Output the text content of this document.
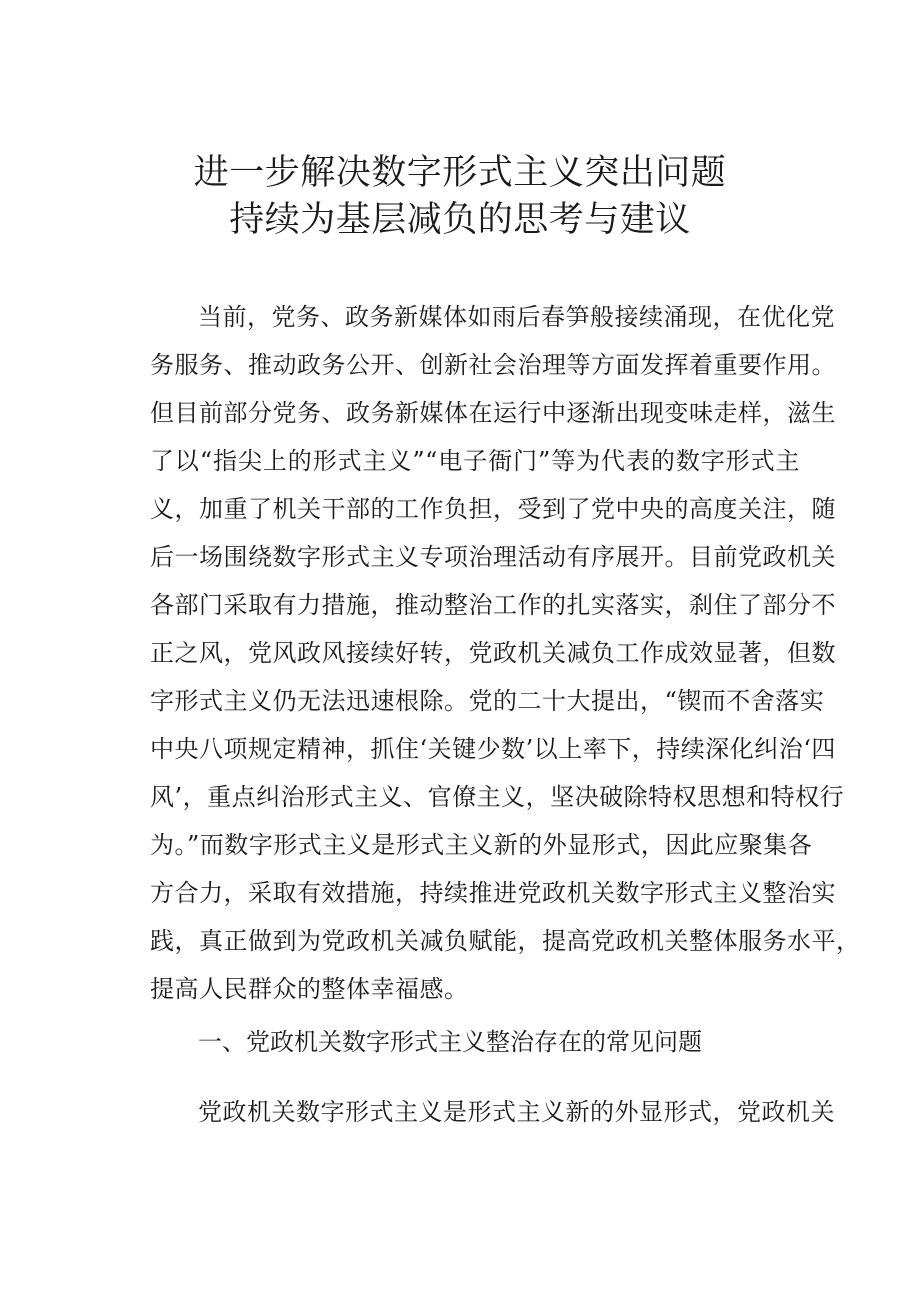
进一步解决数字形式主义突出问题
持续为基层减负的思考与建议
当前，党务、政务新媒体如雨后春笋般接续涌现，在优化党
务服务、推动政务公开、创新社会治理等方面发挥着重要作用。
但目前部分党务、政务新媒体在运行中逐渐出现变味走样，滋生
了以“指尖上的形式主义”“电子衙门”等为代表的数字形式主
义，加重了机关干部的工作负担，受到了党中央的高度关注，随
后一场围绕数字形式主义专项治理活动有序展开。目前党政机关
各部门采取有力措施，推动整治工作的扎实落实，刹住了部分不
正之风，党风政风接续好转，党政机关减负工作成效显著，但数
字形式主义仍无法迅速根除。党的二十大提出，“锲而不舍落实
中央八项规定精神，抓住‘关键少数’以上率下，持续深化纠治‘四
风’，重点纠治形式主义、官僚主义，坚决破除特权思想和特权行
为。”而数字形式主义是形式主义新的外显形式，因此应聚集各
方合力，采取有效措施，持续推进党政机关数字形式主义整治实
践，真正做到为党政机关减负赋能，提高党政机关整体服务水平，
提高人民群众的整体幸福感。
一、党政机关数字形式主义整治存在的常见问题
党政机关数字形式主义是形式主义新的外显形式，党政机关
